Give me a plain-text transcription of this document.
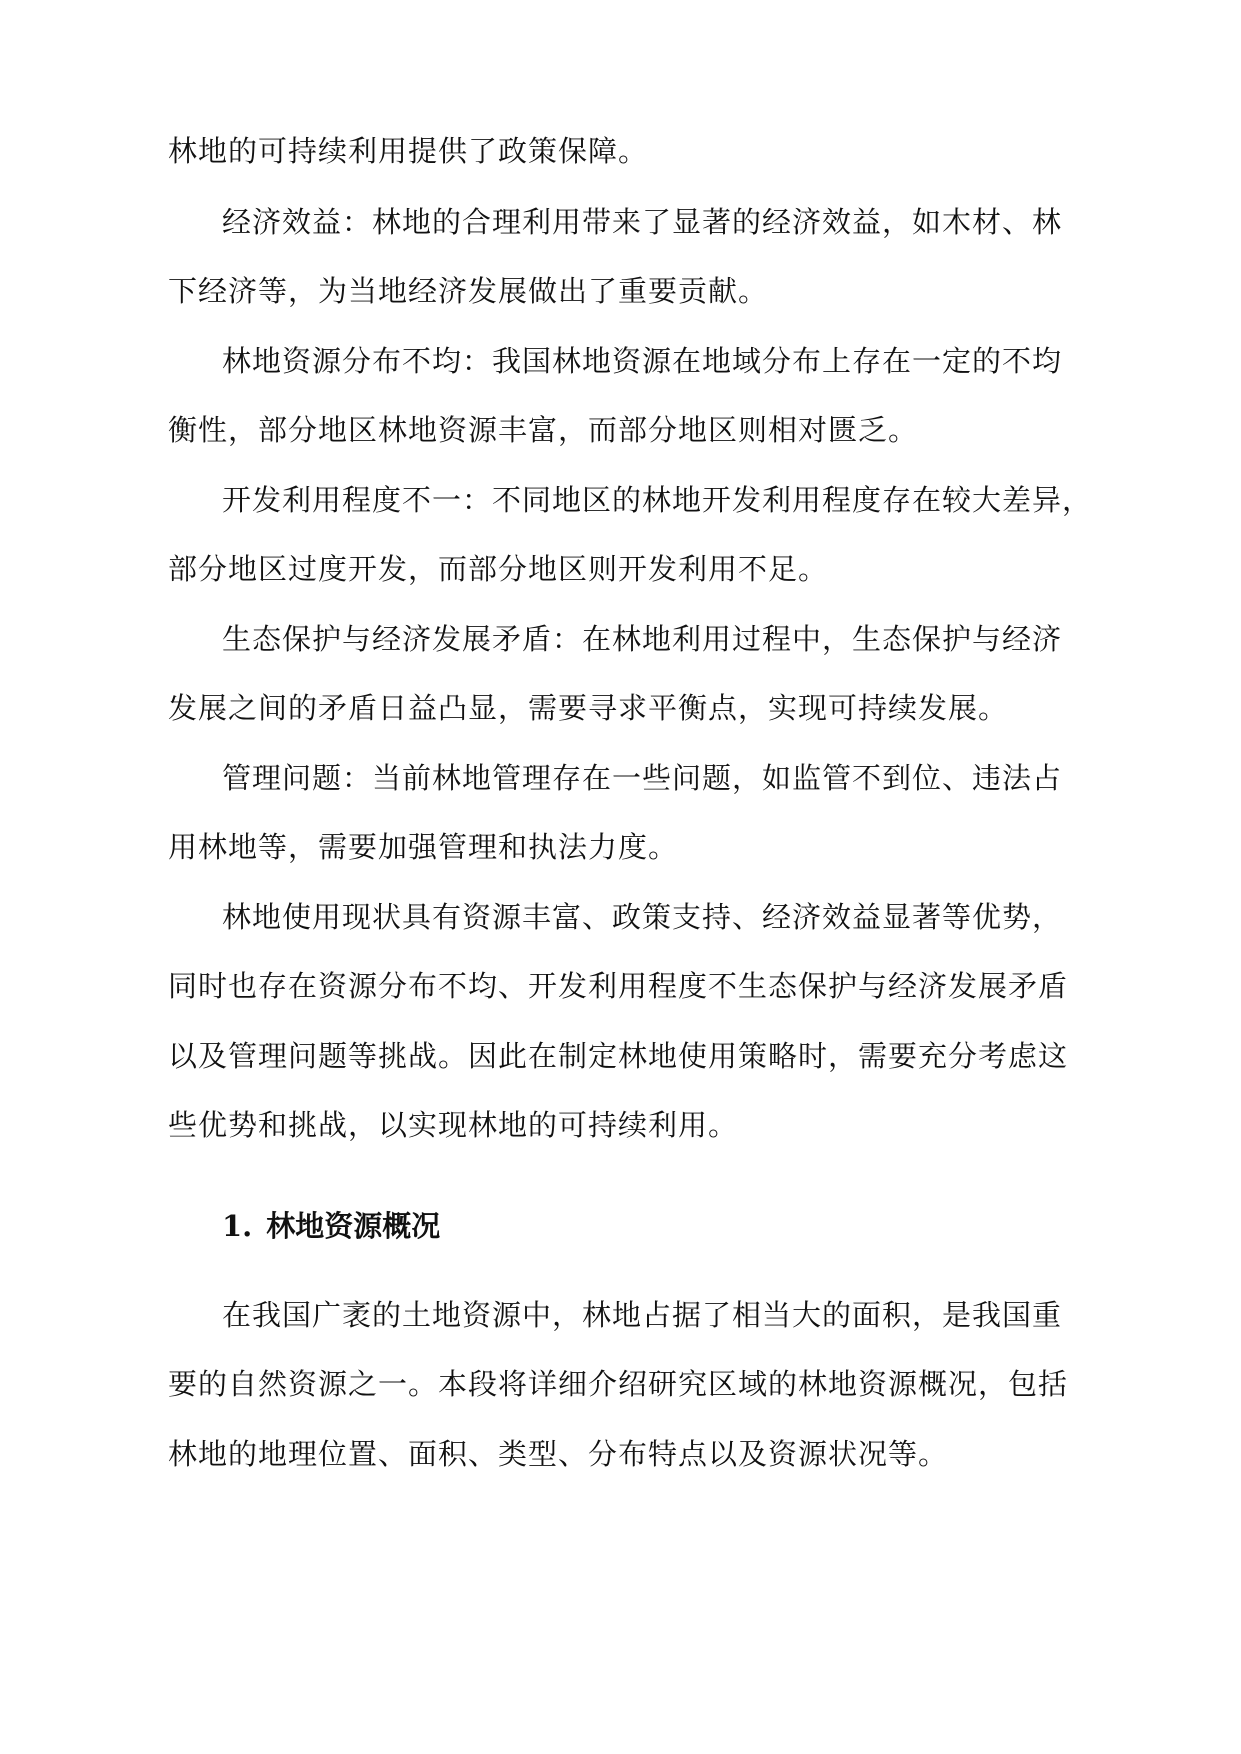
林地的可持续利用提供了政策保障。
经济效益：林地的合理利用带来了显著的经济效益，如木材、林
下经济等，为当地经济发展做出了重要贡献。
林地资源分布不均：我国林地资源在地域分布上存在一定的不均
衡性，部分地区林地资源丰富，而部分地区则相对匮乏。
开发利用程度不一：不同地区的林地开发利用程度存在较大差异，
部分地区过度开发，而部分地区则开发利用不足。
生态保护与经济发展矛盾：在林地利用过程中，生态保护与经济
发展之间的矛盾日益凸显，需要寻求平衡点，实现可持续发展。
管理问题：当前林地管理存在一些问题，如监管不到位、违法占
用林地等，需要加强管理和执法力度。
林地使用现状具有资源丰富、政策支持、经济效益显著等优势，
同时也存在资源分布不均、开发利用程度不生态保护与经济发展矛盾
以及管理问题等挑战。因此在制定林地使用策略时，需要充分考虑这
些优势和挑战，以实现林地的可持续利用。
1. 林地资源概况
在我国广袤的土地资源中，林地占据了相当大的面积，是我国重
要的自然资源之一。本段将详细介绍研究区域的林地资源概况，包括
林地的地理位置、面积、类型、分布特点以及资源状况等。
